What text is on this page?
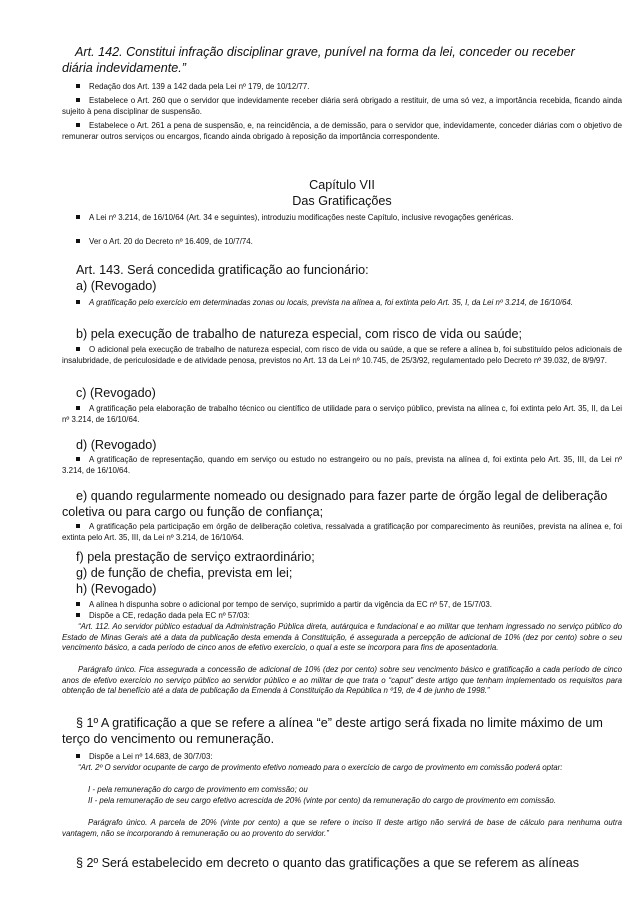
Art. 142. Constitui infração disciplinar grave, punível na forma da lei, conceder ou receber
diária indevidamente.”

Redação dos Art. 139 a 142 dada pela Lei nº 179, de 10/12/77.

Estabelece o Art. 260 que o servidor que indevidamente receber diária será obrigado a restituir, de uma só vez, a importância recebida, ficando ainda sujeito à pena disciplinar de suspensão.

Estabelece o Art. 261 a pena de suspensão, e, na reincidência, a de demissão, para o servidor que, indevidamente, conceder diárias com o objetivo de remunerar outros serviços ou encargos, ficando ainda obrigado à reposição da importância correspondente.

Capítulo VII
Das Gratificações

A Lei nº 3.214, de 16/10/64 (Art. 34 e seguintes), introduziu modificações neste Capítulo, inclusive revogações genéricas.

Ver o Art. 20 do Decreto nº 16.409, de 10/7/74.

Art. 143. Será concedida gratificação ao funcionário:
a) (Revogado)

A gratificação pelo exercício em determinadas zonas ou locais, prevista na alínea a, foi extinta pelo Art. 35, I, da Lei nº 3.214, de 16/10/64.

b) pela execução de trabalho de natureza especial, com risco de vida ou saúde;

O adicional pela execução de trabalho de natureza especial, com risco de vida ou saúde, a que se refere a alínea b, foi substituído pelos adicionais de insalubridade, de periculosidade e de atividade penosa, previstos no Art. 13 da Lei nº 10.745, de 25/3/92, regulamentado pelo Decreto nº 39.032, de 8/9/97.

c) (Revogado)

A gratificação pela elaboração de trabalho técnico ou científico de utilidade para o serviço público, prevista na alínea c, foi extinta pelo Art. 35, II, da Lei nº 3.214, de 16/10/64.

d) (Revogado)

A gratificação de representação, quando em serviço ou estudo no estrangeiro ou no país, prevista na alínea d, foi extinta pelo Art. 35, III, da Lei nº 3.214, de 16/10/64.

e) quando regularmente nomeado ou designado para fazer parte de órgão legal de deliberação coletiva ou para cargo ou função de confiança;

A gratificação pela participação em órgão de deliberação coletiva, ressalvada a gratificação por comparecimento às reuniões, prevista na alínea e, foi extinta pelo Art. 35, III, da Lei nº 3.214, de 16/10/64.

f) pela prestação de serviço extraordinário;
g) de função de chefia, prevista em lei;
h) (Revogado)

A alínea h dispunha sobre o adicional por tempo de serviço, suprimido a partir da vigência da EC nº 57, de 15/7/03.

Dispõe a CE, redação dada pela EC nº 57/03:

“Art. 112. Ao servidor público estadual da Administração Pública direta, autárquica e fundacional e ao militar que tenham ingressado no serviço público do Estado de Minas Gerais até a data da publicação desta emenda à Constituição, é assegurada a percepção de adicional de 10% (dez por cento) sobre o seu vencimento básico, a cada período de cinco anos de efetivo exercício, o qual a este se incorpora para fins de aposentadoria.

Parágrafo único. Fica assegurada a concessão de adicional de 10% (dez por cento) sobre seu vencimento básico e gratificação a cada período de cinco anos de efetivo exercício no serviço público ao servidor público e ao militar de que trata o “caput” deste artigo que tenham implementado os requisitos para obtenção de tal benefício até a data de publicação da Emenda à Constituição da República n º19, de 4 de junho de 1998.”

§ 1º A gratificação a que se refere a alínea “e” deste artigo será fixada no limite máximo de um terço do vencimento ou remuneração.

Dispõe a Lei nº 14.683, de 30/7/03:

“Art. 2º O servidor ocupante de cargo de provimento efetivo nomeado para o exercício de cargo de provimento em comissão poderá optar:

I - pela remuneração do cargo de provimento em comissão; ou

II - pela remuneração de seu cargo efetivo acrescida de 20% (vinte por cento) da remuneração do cargo de provimento em comissão.

Parágrafo único. A parcela de 20% (vinte por cento) a que se refere o inciso II deste artigo não servirá de base de cálculo para nenhuma outra vantagem, não se incorporando à remuneração ou ao provento do servidor.”

§ 2º Será estabelecido em decreto o quanto das gratificações a que se referem as alíneas
